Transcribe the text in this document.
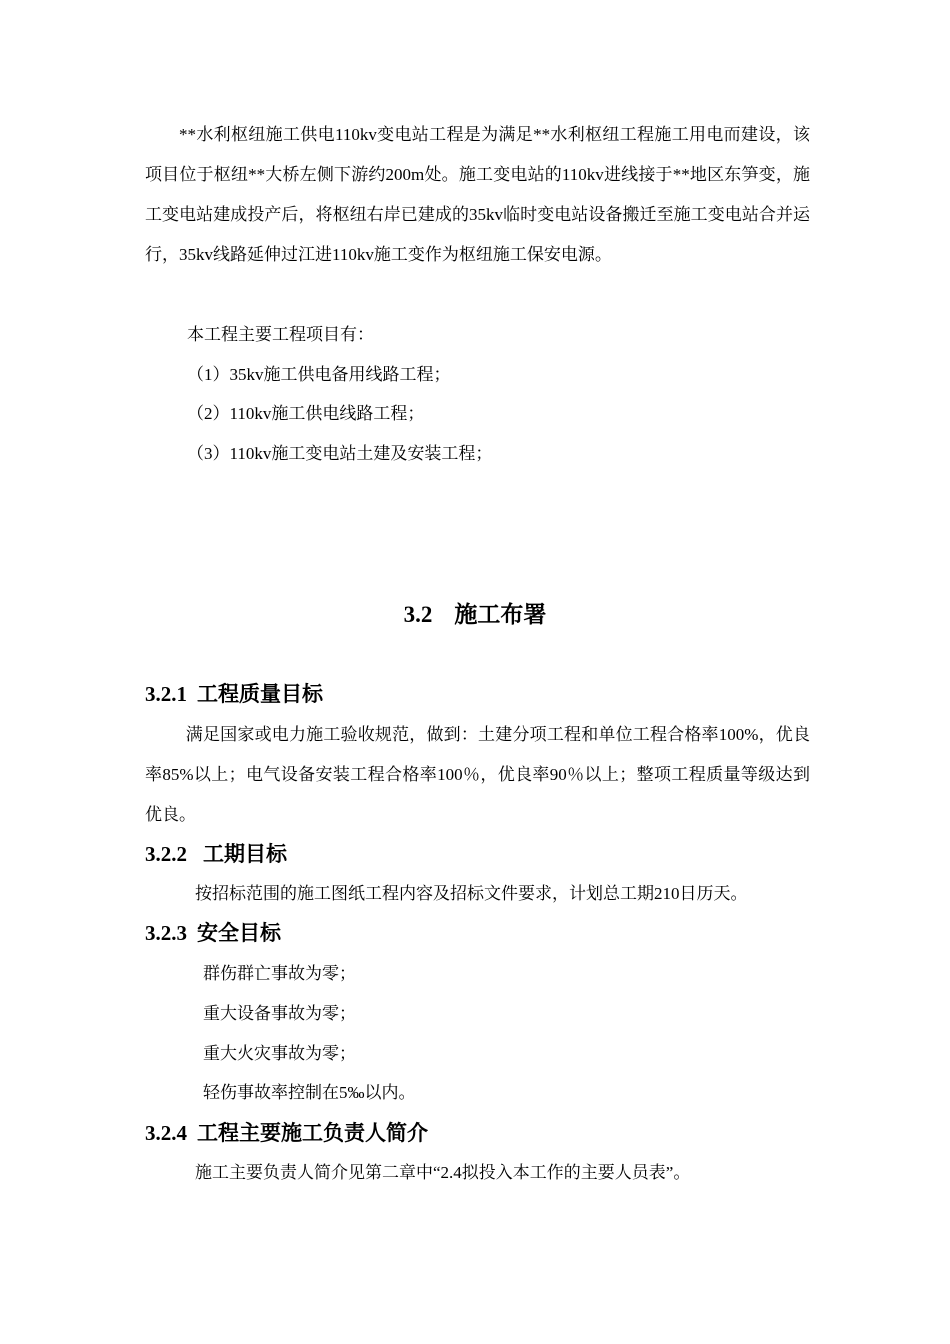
**水利枢纽施工供电110kv变电站工程是为满足**水利枢纽工程施工用电而建设，该项目位于枢纽**大桥左侧下游约200m处。施工变电站的110kv进线接于**地区东笋变，施工变电站建成投产后，将枢纽右岸已建成的35kv临时变电站设备搬迁至施工变电站合并运行，35kv线路延伸过江进110kv施工变作为枢纽施工保安电源。
本工程主要工程项目有：
（1）35kv施工供电备用线路工程；
（2）110kv施工供电线路工程；
（3）110kv施工变电站土建及安装工程；
3.2 施工布署
3.2.1 工程质量目标
满足国家或电力施工验收规范，做到：土建分项工程和单位工程合格率100%，优良率85%以上；电气设备安装工程合格率100％，优良率90％以上；整项工程质量等级达到优良。
3.2.2 工期目标
按招标范围的施工图纸工程内容及招标文件要求，计划总工期210日历天。
3.2.3 安全目标
群伤群亡事故为零；
重大设备事故为零；
重大火灾事故为零；
轻伤事故率控制在5‰以内。
3.2.4 工程主要施工负责人简介
施工主要负责人简介见第二章中“2.4拟投入本工作的主要人员表”。
